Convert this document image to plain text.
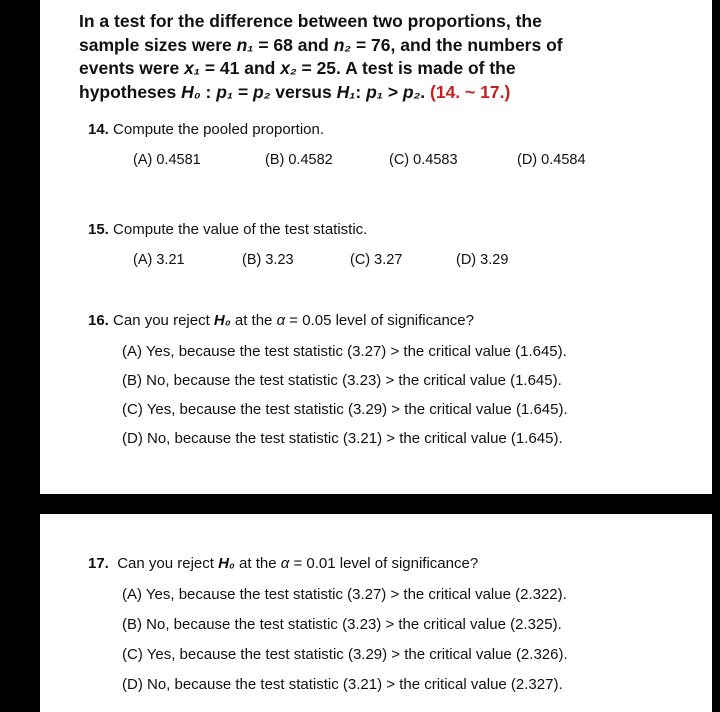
In a test for the difference between two proportions, the
sample sizes were n₁ = 68 and n₂ = 76, and the numbers of
events were x₁ = 41 and x₂ = 25. A test is made of the
hypotheses H₀ : p₁ = p₂ versus H₁: p₁ > p₂. (14. ~ 17.)
14. Compute the pooled proportion.
(A) 0.4581	(B) 0.4582	(C) 0.4583	(D) 0.4584
15. Compute the value of the test statistic.
(A) 3.21	(B) 3.23	(C) 3.27	(D) 3.29
16. Can you reject H₀ at the α = 0.05 level of significance?
(A) Yes, because the test statistic (3.27) > the critical value (1.645).
(B) No, because the test statistic (3.23) > the critical value (1.645).
(C) Yes, because the test statistic (3.29) > the critical value (1.645).
(D) No, because the test statistic (3.21) > the critical value (1.645).
17. Can you reject H₀ at the α = 0.01 level of significance?
(A) Yes, because the test statistic (3.27) > the critical value (2.322).
(B) No, because the test statistic (3.23) > the critical value (2.325).
(C) Yes, because the test statistic (3.29) > the critical value (2.326).
(D) No, because the test statistic (3.21) > the critical value (2.327).
